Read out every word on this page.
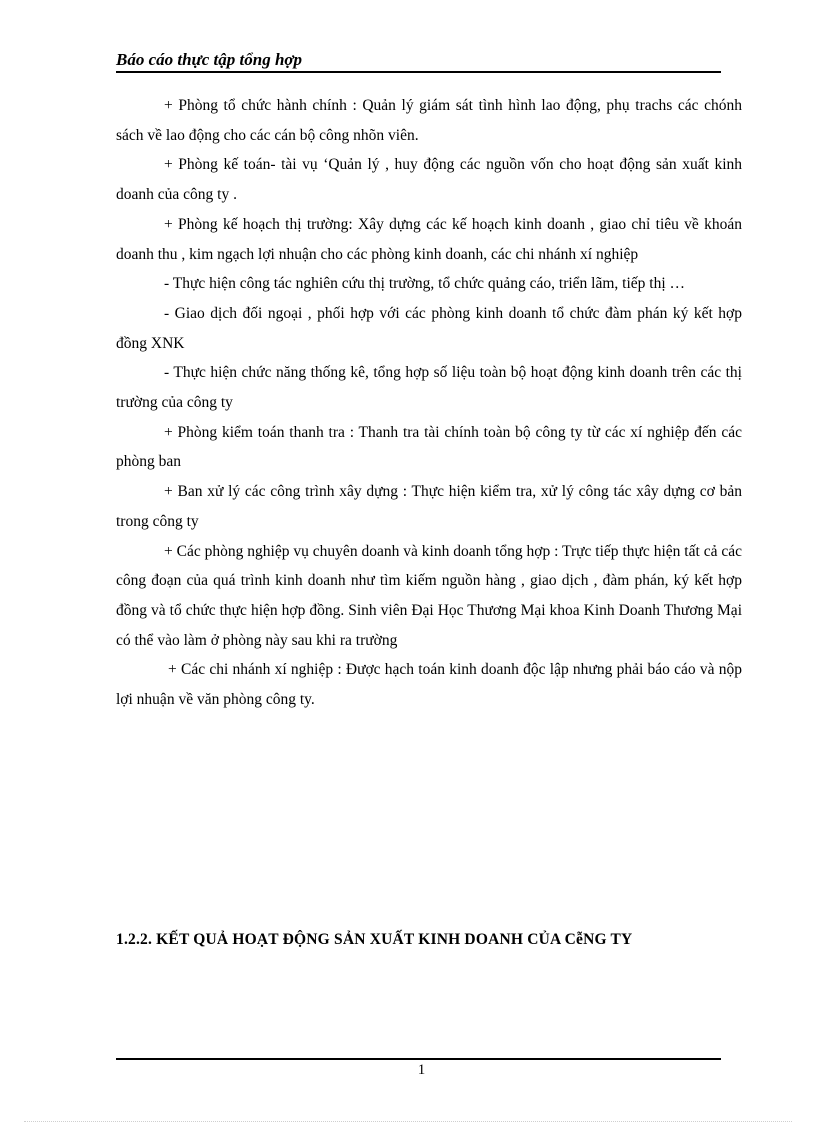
Báo cáo thực tập tổng hợp

+ Phòng tổ chức hành chính : Quản lý giám sát tình hình lao động, phụ trachs các chónh sách về lao động cho các cán bộ công nhõn viên.

+ Phòng kế toán- tài vụ ‘Quản lý , huy động các nguồn vốn cho hoạt động sản xuất kinh doanh của công ty .

+ Phòng kế hoạch thị trường: Xây dựng các kế hoạch kinh doanh , giao chỉ tiêu về khoán doanh thu , kim ngạch lợi nhuận cho các phòng kinh doanh, các chi nhánh xí nghiệp

- Thực hiện công tác nghiên cứu thị trường, tổ chức quảng cáo, triển lãm, tiếp thị …

- Giao dịch đối ngoại , phối hợp với các phòng kinh doanh tổ chức đàm phán ký kết hợp đồng XNK

- Thực hiện chức năng thống kê, tổng hợp số liệu toàn bộ hoạt động kinh doanh trên các thị trường của công ty

+ Phòng kiểm toán thanh tra : Thanh tra tài chính toàn bộ công ty từ các xí nghiệp đến các phòng ban

+ Ban xử lý các công trình xây dựng : Thực hiện kiểm tra, xử lý công tác xây dựng cơ bản trong công ty

+ Các phòng nghiệp vụ chuyên doanh và kinh doanh tổng hợp : Trực tiếp thực hiện tất cả các công đoạn của quá trình kinh doanh như tìm kiếm nguồn hàng , giao dịch , đàm phán, ký kết hợp đồng và tổ chức thực hiện hợp đồng. Sinh viên Đại Học Thương Mại khoa Kinh Doanh Thương Mại có thể vào làm ở phòng này sau khi ra trường

+ Các chi nhánh xí nghiệp : Được hạch toán kinh doanh độc lập nhưng phải báo cáo và nộp lợi nhuận về văn phòng công ty.

1.2.2. KẾT QUẢ HOẠT ĐỘNG SẢN XUẤT KINH DOANH CỦA CễNG TY
1
